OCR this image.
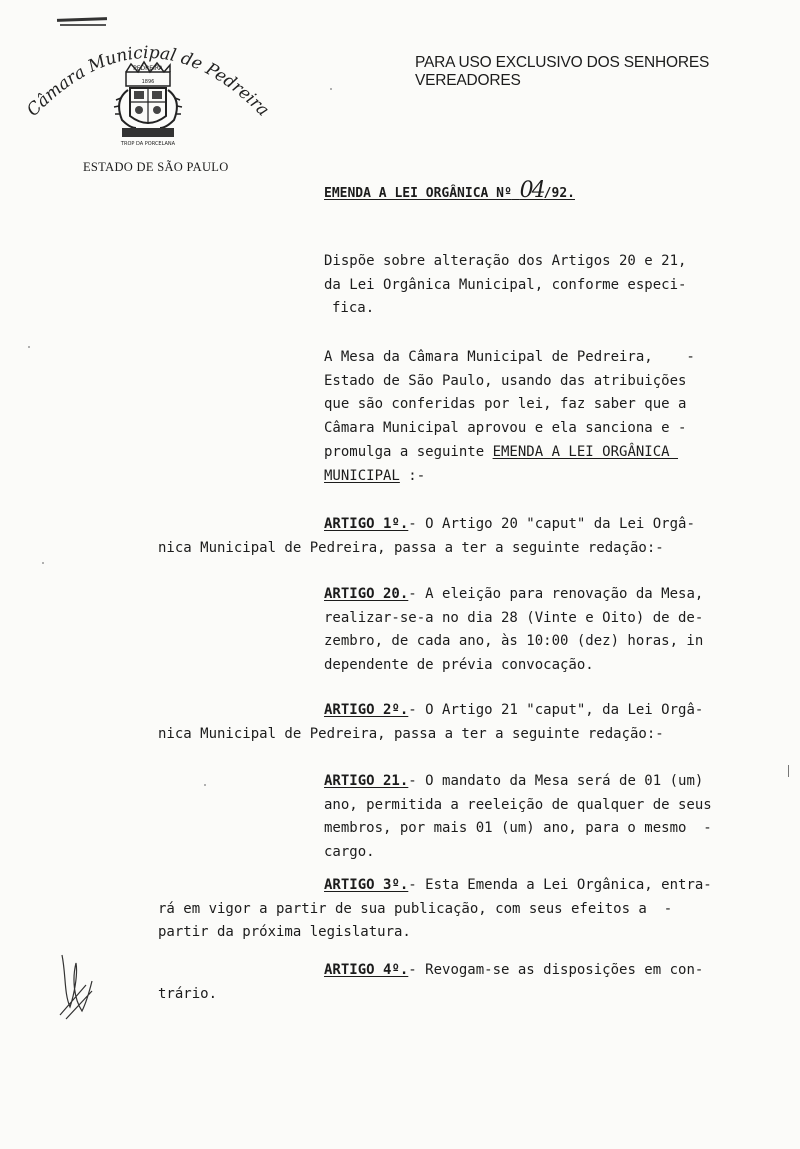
Câmara Municipal de Pedreira
PEDREIRA
1896
TROP DA PORCELANA
ESTADO DE SÃO PAULO
PARA USO EXCLUSIVO DOS SENHORES VEREADORES
EMENDA A LEI ORGÂNICA Nº 04/92.
Dispõe sobre alteração dos Artigos 20 e 21,
da Lei Orgânica Municipal, conforme especi-
fica.
A Mesa da Câmara Municipal de Pedreira,    -
Estado de São Paulo, usando das atribuições
que são conferidas por lei, faz saber que a
Câmara Municipal aprovou e ela sanciona e -
promulga a seguinte EMENDA A LEI ORGÂNICA
MUNICIPAL :-
ARTIGO 1º.- O Artigo 20 "caput" da Lei Orgâ-
nica Municipal de Pedreira, passa a ter a seguinte redação:-
ARTIGO 20.- A eleição para renovação da Mesa,
realizar-se-a no dia 28 (Vinte e Oito) de de-
zembro, de cada ano, às 10:00 (dez) horas, in
dependente de prévia convocação.
ARTIGO 2º.- O Artigo 21 "caput", da Lei Orgâ-
nica Municipal de Pedreira, passa a ter a seguinte redação:-
ARTIGO 21.- O mandato da Mesa será de 01 (um)
ano, permitida a reeleição de qualquer de seus
membros, por mais 01 (um) ano, para o mesmo  -
cargo.
ARTIGO 3º.- Esta Emenda a Lei Orgânica, entra-
rá em vigor a partir de sua publicação, com seus efeitos a  -
partir da próxima legislatura.
ARTIGO 4º.- Revogam-se as disposições em con-
trário.
